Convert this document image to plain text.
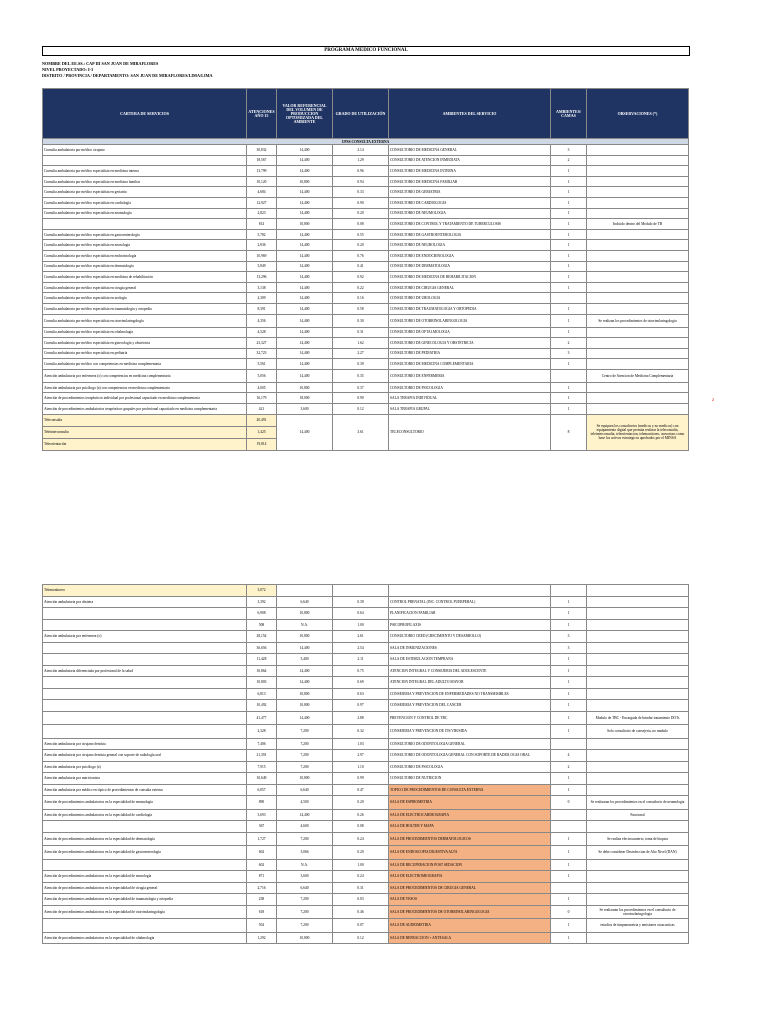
PROGRAMA MEDICO FUNCIONAL
NOMBRE DEL EE.SS.: CAP III SAN JUAN DE MIRAFLORES
NIVEL PROYECTADO: I-3
DISTRITO / PROVINCIA / DEPARTAMENTO: SAN JUAN DE MIRAFLORES/LIMA/LIMA
CARTERA DE SERVICIOS	ATENCIONES AÑO 15	VALOR REFERENCIAL DEL VOLUMEN DE PRODUCCION OPTOMIZADA DEL AMBIENTE	GRADO DE UTILIZACIÓN	AMBIENTES DEL SERVICIO	AMBIENTES/ CAMAS	OBSERVACIONES (*)
UPSS CONSULTA EXTERNA						
Consulta ambulatoria por médico cirujano	30,832	14,400	2.14	CONSULTORIO DE MEDICINA GENERAL	3	
	18,567	14,400	1.29	CONSULTORIO DE ATENCION INMEDIATA	2	
Consulta ambulatoria por médico especialista en medicina interna	13,799	14,400	0.96	CONSULTORIO DE MEDICINA INTERNA	1	
Consulta ambulatoria por médico especialista en medicina familiar	10,120	10,800	0.94	CONSULTORIO DE MEDICINA FAMILIAR	1	
Consulta ambulatoria por médico especialista en geriatría	4,684	14,400	0.33	CONSULTORIO DE GERIATRIA	1	
Consulta ambulatoria por médico especialista en cardiología	12,927	14,400	0.90	CONSULTORIO DE CARDIOLOGIA	1	
Consulta ambulatoria por médico especialista en neumología	2,823	14,400	0.20	CONSULTORIO DE NEUMOLOGIA	1	
	814	10,800	0.08	CONSULTORIO DE CONTROL Y TRATAMIENTO DE TUBERCULOSIS	1	Incluido dentro del Modulo de TB
Consulta ambulatoria por médico especialista en gastroenterología	5,782	14,400	0.55	CONSULTORIO DE GASTROENTEROLOGIA	1	
Consulta ambulatoria por médico especialista en neurología	2,836	14,400	0.20	CONSULTORIO DE NEUROLOGIA	1	
Consulta ambulatoria por médico especialista en endocrinología	10,969	14,400	0.76	CONSULTORIO DE ENDOCRINOLOGIA	1	
Consulta ambulatoria por médico especialista en dermatología	5,849	14,400	0.41	CONSULTORIO DE DERMATOLOGIA	1	
Consulta ambulatoria por médico especialista en medicina de rehabilitación	13,296	14,400	0.92	CONSULTORIO DE MEDICINA DE REHABILITACION	1	
Consulta ambulatoria por médico especialista en cirugía general	3,138	14,400	0.22	CONSULTORIO DE CIRUGIA GENERAL	1	
Consulta ambulatoria por médico especialista en urología	2,309	14,400	0.16	CONSULTORIO DE UROLOGIA		
Consulta ambulatoria por médico especialista en traumatología y ortopedia	8,391	14,400	0.58	CONSULTORIO DE TRAUMATOLOGIA Y ORTOPEDIA	1	
Consulta ambulatoria por médico especialista en otorrinolaringología	4,356	14,400	0.30	CONSULTORIO DE OTORRINOLARINGOLOGIA	1	Se realizan los procedimientos de otorrinolaringologia
Consulta ambulatoria por médico especialista en oftalmología	4,528	14,400	0.31	CONSULTORIO DE OFTALMOLOGIA	1	
Consulta ambulatoria por médico especialista en ginecología y obstetricia	23,327	14,400	1.62	CONSULTORIO DE GINECOLOGIA Y OBSTETRICIA	2	
Consulta ambulatoria por médico especialista en pediatría	32,723	14,400	2.27	CONSULTORIO DE PEDIATRIA	3	
Consulta ambulatoria por médico con competencias en medicina complementaria	5,561	14,400	0.39	CONSULTORIO DE MEDICINA COMPLEMENTARIA	1	
Atención ambulatoria por enfermera (o) con competencias en medicina complementaria	5,056	14,400	0.35	CONSULTORIO DE ENFERMERIA		Centro de Atencion de Medicina Complementaria
Atención ambulatoria por psicólogo (a) con competencias en medicina complementaria	4,005	10,800	0.37	CONSULTORIO DE PSICOLOGIA	1	
Atención de procedimientos terapéuticos individual por profesional capacitado en medicina complementaria	16,179	18,000	0.90	SALA TERAPIA INDIVIDUAL	1	
Atención de procedimientos ambulatorios terapéuticos grupales por profesional capacitado en medicina complementaria	421	3,600	0.12	SALA TERAPIA GRUPAL	1	
Teleconsulta	20,491	14,400	3.61	TELECONSULTORIO	8	Se equipara los consultorios (medicos y no medicos) con equipamiento digital que permita realizar la teleconsulta, teleinterconsulta, teleorientacion, telemonitoreo, asesoriass como base los activos estrategicos aprobados por el MINSA
Teleinterconsulta	1,425					
Teleorientación	19,814					
Telemonitoreo	3,072					
Atención ambulatoria por obstetra	3,392	6,640	0.39	CONTROL PRENATAL (INC. CONTROL PUERPERAL)	1	
	6,908	10,800	0.64	PLANIFICACION FAMILIAR	1	
	508	N.A.	1.00	PSICOPROFILAXIS	1	
Atención ambulatoria por enfermera (o)	28,154	10,800	2.61	CONSULTORIO CRED (CRECIMIENTO Y DESARROLLO)	3	
	36,656	14,400	2.54	SALA DE INMUNIZACIONES	3	
	11,428	5,400	2.11	SALA DE ESTIMULACION TEMPRANA	1	
Atención ambulatoria diferenciada por profesional de la salud	10,864	14,400	0.75	ATENCION INTEGRAL Y CONSEJERIA DEL ADOLESCENTE	1	
	10,803	14,400	0.69	ATENCION INTEGRAL DEL ADULTO MAYOR	1	
	6,813	10,800	0.63	CONSEJERIA Y PREVENCION DE ENFERMEDADES NO TRANSMISIBLES	1	
	10,492	10,800	0.97	CONSEJERIA Y PREVENCION DEL CANCER	1	
	41,477	14,400	2.88	PREVENCION Y CONTROL DE TBC	1	Modulo de TBC - Encargada de brindar tratamiento DOTs
	2,328	7,200	0.32	CONSEJERIA Y PREVENCION DE ITS/VIH/SIDA	1	Solo consultorio de consejeria, no mudulo
Atención ambulatoria por cirujano dentista	7,406	7,200	1.03	CONSULTORIO DE ODONTOLOGIA GENERAL		
Atención ambulatoria por cirujano dentista general con soporte de radiología oral	21,391	7,200	2.97	CONSULTORIO DE ODONTOLOGIA GENERAL CON SOPORTE DE RADIOLOGIA ORAL	4	
Atención ambulatoria por psicólogo (a)	7,915	7,200	1.10	CONSULTORIO DE PSICOLOGIA	2	
Atención ambulatoria por nutricionista	10,649	10,800	0.99	CONSULTORIO DE NUTRICION	1	
Atención ambulatoria por médico en tópico de procedimientos de consulta externa	6,057	6,640	0.47	TOPICO DE PROCEDIMIENTOS DE CONSULTA EXTERNA	1	
Atención de procedimientos ambulatorios en la especialidad de neumología	890	4,500	0.20	SALA DE ESPIROMETRIA	0	Se realizaran los procedimientos en el consultorio de neumologia
Atención de procedimientos ambulatorios en la especialidad de cardiología	3,693	14,400	0.26	SALA DE ELECTROCARDIOGRAFIA		Funcional
	367	4,600	0.08	SALA DE HOLTER Y MAPA		
Atención de procedimientos ambulatorios en la especialidad de dermatología	1,727	7,200	0.24	SALA DE PROCEDIMIENTOS DERMATOLOGICOS	1	Se realiza electrocauterio, toma de biopsia
Atención de procedimientos ambulatorios en la especialidad de gastroenterología	602	3,066	0.20	SALA DE ENDOSCOPIA DIGESTIVA ALTA	1	Se debe considerar Desinfeccion de Alto Nivel (DAN)
	602	N.A.	1.00	SALA DE RECUPERACION POST SEDACION	1	
Atención de procedimientos ambulatorios en la especialidad de neurología	871	3,600	0.24	SALA DE ELECTROMIOGRAFIA	1	
Atención de procedimientos ambulatorios en la especialidad de cirugía general	2,716	6,640	0.31	SALA DE PROCEDIMIENTOS DE CIRUGIA GENERAL		
Atención de procedimientos ambulatorios en la especialidad de traumatología y ortopedia	238	7,200	0.03	SALA DE YESOS	1	
Atención de procedimientos ambulatorios en la especialidad de otorrinolaringología	618	7,200	0.46	SALA DE PROCEDIMIENTOS DE OTORRINOLARINGOLOGIA	0	Se realizaran los procedimientos en el consultorio de otorrinolaringologia
	502	7,200	0.07	SALA DE AUDIOMETRIA	1	estudios de timpanometria y emisiones otoacusticas
Atención de procedimientos ambulatorios en la especialidad de oftalmología	1,292	10,800	0.12	SALA DE REFRACCION + ANTESALA	1	
2
